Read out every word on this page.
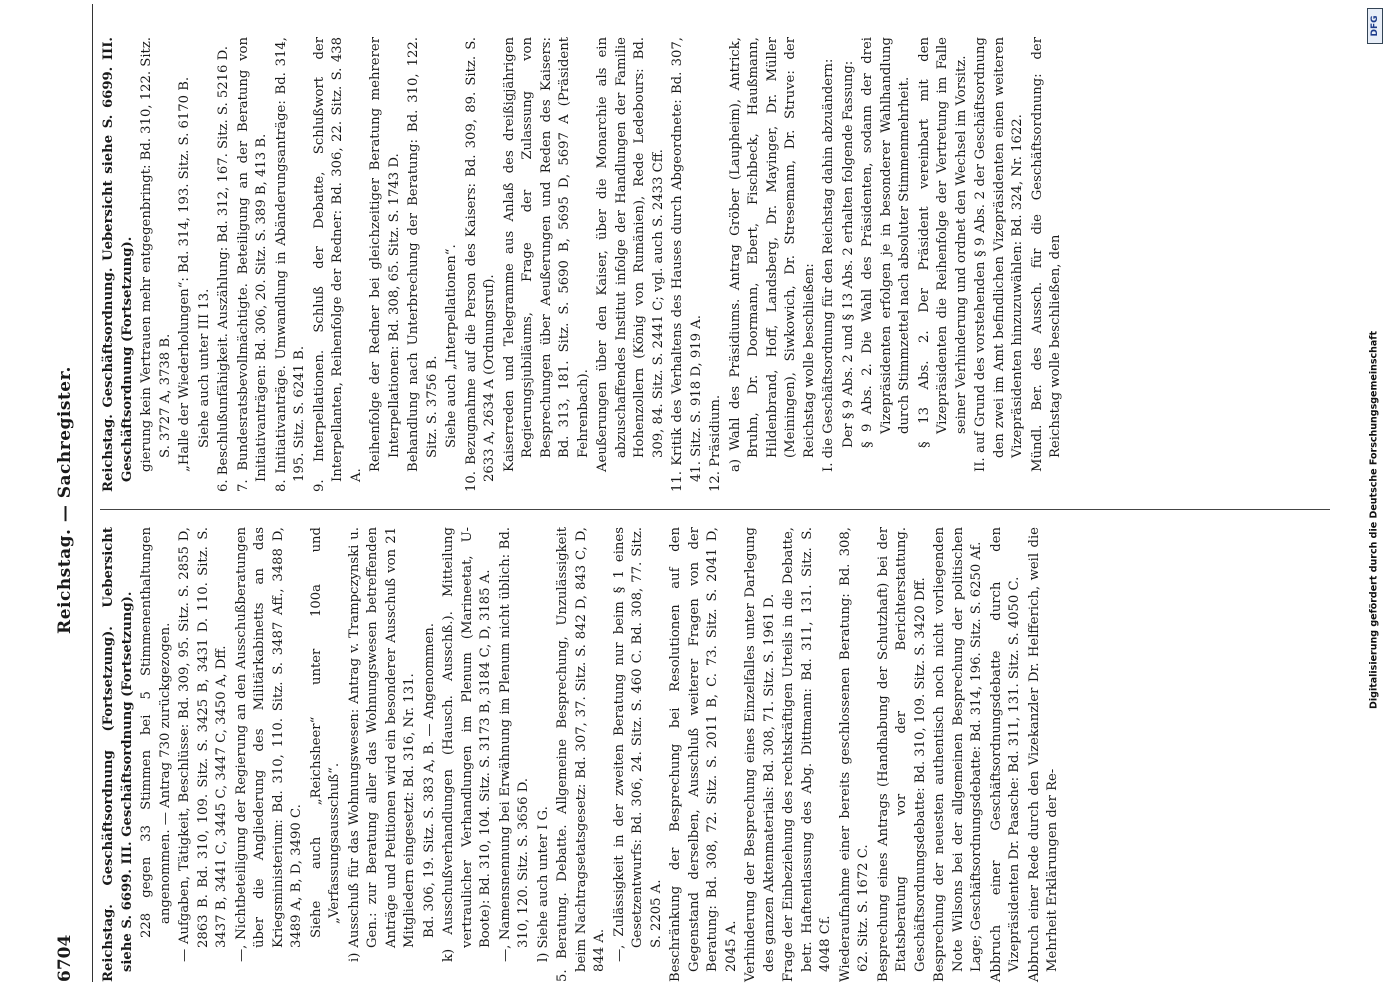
6704
Reichstag. — Sachregister.

Reichstag. Geschäftsordnung (Fortsetzung). Uebersicht siehe S. 6699. III. Geschäftsordnung (Fortsetzung). 228 gegen 33 Stimmen bei 5 Stimmenenthaltungen angenommen. — Antrag 730 zurückgezogen. — Aufgaben, Tätigkeit, Beschlüsse: Bd. 309, 95. Sitz. S. 2855 D, 2863 B. Bd. 310, 109. Sitz. S. 3425 B, 3431 D. 110. Sitz. S. 3437 B, 3441 C, 3445 C, 3447 C, 3450 A, Dff. —, Nichtbeteiligung der Regierung an den Ausschußberatungen über die Angliederung des Militärkabinetts an das Kriegsministerium: Bd. 310, 110. Sitz. S. 3487 Aff., 3488 D, 3489 A, B, D, 3490 C. Siehe auch „Reichsheer“ unter 100a und „Verfassungsausschuß“. i) Ausschuß für das Wohnungswesen: Antrag v. Trampczynski u. Gen.: zur Beratung aller das Wohnungswesen betreffenden Anträge und Petitionen wird ein besonderer Ausschuß von 21 Mitgliedern eingesetzt: Bd. 316, Nr. 131. Bd. 306, 19. Sitz. S. 383 A, B. — Angenommen. k) Ausschußverhandlungen (Hausch. Ausschß.). Mitteilung vertraulicher Verhandlungen im Plenum (Marineetat, U-Boote): Bd. 310, 104. Sitz. S. 3173 B, 3184 C, D, 3185 A. —, Namensnennung bei Erwähnung im Plenum nicht üblich: Bd. 310, 120. Sitz. S. 3656 D. l) Siehe auch unter I G. 5. Beratung. Debatte. Allgemeine Besprechung, Unzulässigkeit beim Nachtragsetatsgesetz: Bd. 307, 37. Sitz. S. 842 D, 843 C, D, 844 A. —, Zulässigkeit in der zweiten Beratung nur beim § 1 eines Gesetzentwurfs: Bd. 306, 24. Sitz. S. 460 C. Bd. 308, 77. Sitz. S. 2205 A. Beschränkung der Besprechung bei Resolutionen auf den Gegenstand derselben, Ausschluß weiterer Fragen von der Beratung: Bd. 308, 72. Sitz. S. 2011 B, C. 73. Sitz. S. 2041 D, 2045 A. Verhinderung der Besprechung eines Einzelfalles unter Darlegung des ganzen Aktenmaterials: Bd. 308, 71. Sitz. S. 1961 D. Frage der Einbeziehung des rechtskräftigen Urteils in die Debatte, betr. Haftentlassung des Abg. Dittmann: Bd. 311, 131. Sitz. S. 4048 Cf. Wiederaufnahme einer bereits geschlossenen Beratung: Bd. 308, 62. Sitz. S. 1672 C. Besprechung eines Antrags (Handhabung der Schutzhaft) bei der Etatsberatung vor der Berichterstattung. Geschäftsordnungsdebatte: Bd. 310, 109. Sitz. S. 3420 Dff. Besprechung der neuesten authentisch noch nicht vorliegenden Note Wilsons bei der allgemeinen Besprechung der politischen Lage; Geschäftsordnungsdebatte: Bd. 314, 196. Sitz. S. 6250 Af. Abbruch einer Geschäftsordnungsdebatte durch den Vizepräsidenten Dr. Paasche: Bd. 311, 131. Sitz. S. 4050 C. Abbruch einer Rede durch den Vizekanzler Dr. Helfferich, weil die Mehrheit Erklärungen der Re-

Reichstag. Geschäftsordnung. Uebersicht siehe S. 6699. III. Geschäftsordnung (Fortsetzung). gierung kein Vertrauen mehr entgegenbringt: Bd. 310, 122. Sitz. S. 3727 A, 3738 B. „Halle der Wiederholungen“: Bd. 314, 193. Sitz. S. 6170 B. Siehe auch unter III 13. 6. Beschlußunfähigkeit. Auszählung: Bd. 312, 167. Sitz. S. 5216 D. 7. Bundesratsbevollmächtigte. Beteiligung an der Beratung von Initiativanträgen: Bd. 306, 20. Sitz. S. 389 B, 413 B. 8. Initiativanträge. Umwandlung in Abänderungsanträge: Bd. 314, 195. Sitz. S. 6241 B. 9. Interpellationen. Schluß der Debatte, Schlußwort der Interpellanten, Reihenfolge der Redner: Bd. 306, 22. Sitz. S. 438 A.

Reihenfolge der Redner bei gleichzeitiger Beratung mehrerer Interpellationen: Bd. 308, 65. Sitz. S. 1743 D. Behandlung nach Unterbrechung der Beratung: Bd. 310, 122. Sitz. S. 3756 B. Siehe auch „Interpellationen“. 10. Bezugnahme auf die Person des Kaisers: Bd. 309, 89. Sitz. S. 2633 A, 2634 A (Ordnungsruf). Kaiserreden und Telegramme aus Anlaß des dreißigjährigen Regierungsjubiläums, Frage der Zulassung von Besprechungen über Aeußerungen und Reden des Kaisers: Bd. 313, 181. Sitz. S. 5690 B, 5695 D, 5697 A (Präsident Fehrenbach). Aeußerungen über den Kaiser, über die Monarchie als ein abzuschaffendes Institut infolge der Handlungen der Familie Hohenzollern (König von Rumänien), Rede Ledebours: Bd. 309, 84. Sitz. S. 2441 C; vgl. auch S. 2433 Cff. 11. Kritik des Verhaltens des Hauses durch Abgeordnete: Bd. 307, 41. Sitz. S. 918 D, 919 A. 12. Präsidium. a) Wahl des Präsidiums. Antrag Gröber (Laupheim), Antrick, Bruhn, Dr. Doormann, Ebert, Fischbeck, Haußmann, Hildenbrand, Hoff, Landsberg, Dr. Mayinger, Dr. Müller (Meiningen), Siwkowich, Dr. Stresemann, Dr. Struve: der Reichstag wolle beschließen: I. die Geschäftsordnung für den Reichstag dahin abzuändern: Der § 9 Abs. 2 und § 13 Abs. 2 erhalten folgende Fassung: § 9 Abs. 2. Die Wahl des Präsidenten, sodann der drei Vizepräsidenten erfolgen je in besonderer Wahlhandlung durch Stimmzettel nach absoluter Stimmenmehrheit. § 13 Abs. 2. Der Präsident vereinbart mit den Vizepräsidenten die Reihenfolge der Vertretung im Falle seiner Verhinderung und ordnet den Wechsel im Vorsitz. II. auf Grund des vorstehenden § 9 Abs. 2 der Geschäftsordnung den zwei im Amt befindlichen Vizepräsidenten einen weiteren Vizepräsidenten hinzuzuwählen: Bd. 324, Nr. 1622. Mündl. Ber. des Aussch. für die Geschäftsordnung: der Reichstag wolle beschließen, den

DFG
Digitalisierung gefördert durch die Deutsche Forschungsgemeinschaft
